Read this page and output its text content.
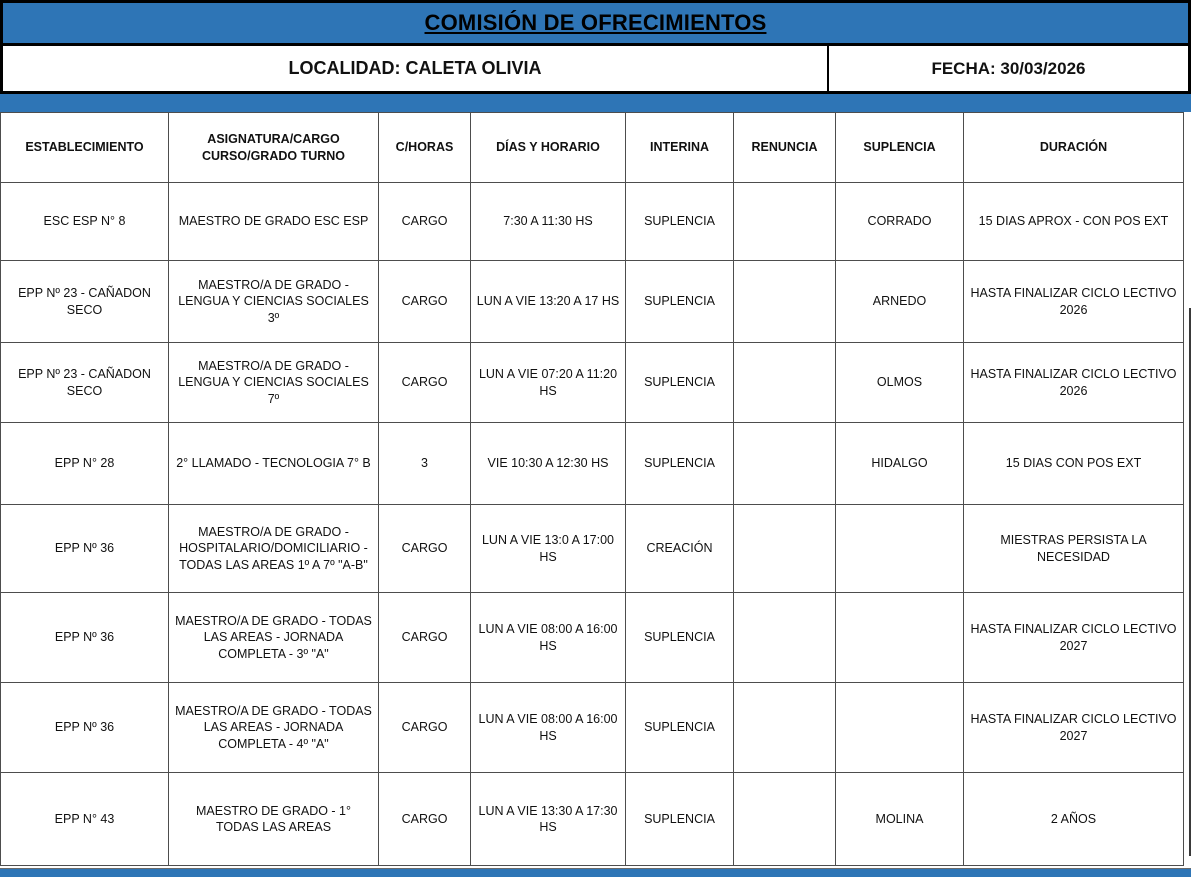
COMISIÓN DE OFRECIMIENTOS
LOCALIDAD: CALETA OLIVIA	FECHA: 30/03/2026
ESTABLECIMIENTO	ASIGNATURA/CARGO CURSO/GRADO TURNO	C/HORAS	DÍAS Y HORARIO	INTERINA	RENUNCIA	SUPLENCIA	DURACIÓN
ESC ESP N° 8	MAESTRO DE GRADO ESC ESP	CARGO	7:30 A 11:30 HS	SUPLENCIA		CORRADO	15 DIAS APROX - CON POS EXT
EPP Nº 23 - CAÑADON SECO	MAESTRO/A DE GRADO - LENGUA Y CIENCIAS SOCIALES 3º	CARGO	LUN A VIE 13:20 A 17 HS	SUPLENCIA		ARNEDO	HASTA FINALIZAR CICLO LECTIVO 2026
EPP Nº 23 - CAÑADON SECO	MAESTRO/A DE GRADO - LENGUA Y CIENCIAS SOCIALES 7º	CARGO	LUN A VIE 07:20 A 11:20 HS	SUPLENCIA		OLMOS	HASTA FINALIZAR CICLO LECTIVO 2026
EPP N° 28	2° LLAMADO - TECNOLOGIA 7° B	3	VIE 10:30 A 12:30 HS	SUPLENCIA		HIDALGO	15 DIAS CON POS EXT
EPP Nº 36	MAESTRO/A DE GRADO - HOSPITALARIO/DOMICILIARIO - TODAS LAS AREAS 1º A 7º "A-B"	CARGO	LUN A VIE 13:0 A 17:00 HS	CREACIÓN			MIESTRAS PERSISTA LA NECESIDAD
EPP Nº 36	MAESTRO/A DE GRADO - TODAS LAS AREAS - JORNADA COMPLETA - 3º "A"	CARGO	LUN A VIE 08:00 A 16:00 HS	SUPLENCIA			HASTA FINALIZAR CICLO LECTIVO 2027
EPP Nº 36	MAESTRO/A DE GRADO - TODAS LAS AREAS - JORNADA COMPLETA - 4º "A"	CARGO	LUN A VIE 08:00 A 16:00 HS	SUPLENCIA			HASTA FINALIZAR CICLO LECTIVO 2027
EPP N° 43	MAESTRO DE GRADO - 1° TODAS LAS AREAS	CARGO	LUN A VIE 13:30 A 17:30 HS	SUPLENCIA		MOLINA	2 AÑOS
